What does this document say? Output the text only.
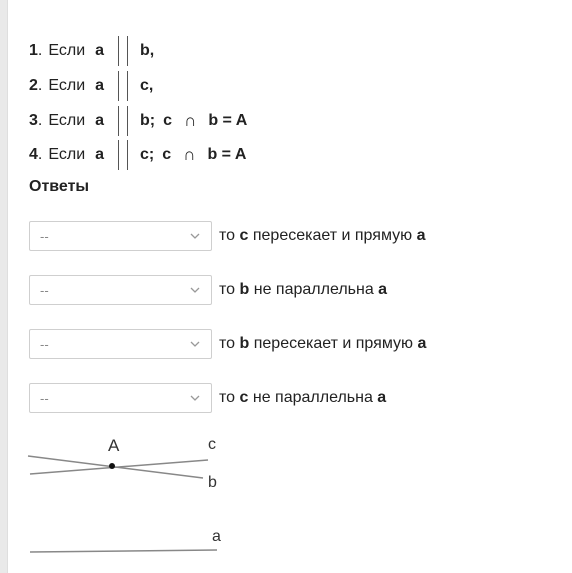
1 . Если a b,
2 . Если a c,
3 . Если a b; c ∩ b = A
4 . Если a c; c ∩ b = A
Ответы
--	то c пересекает и прямую a
--	то b не параллельна a
--	то b пересекает и прямую a
--	то c не параллельна a
A	c
b
a
